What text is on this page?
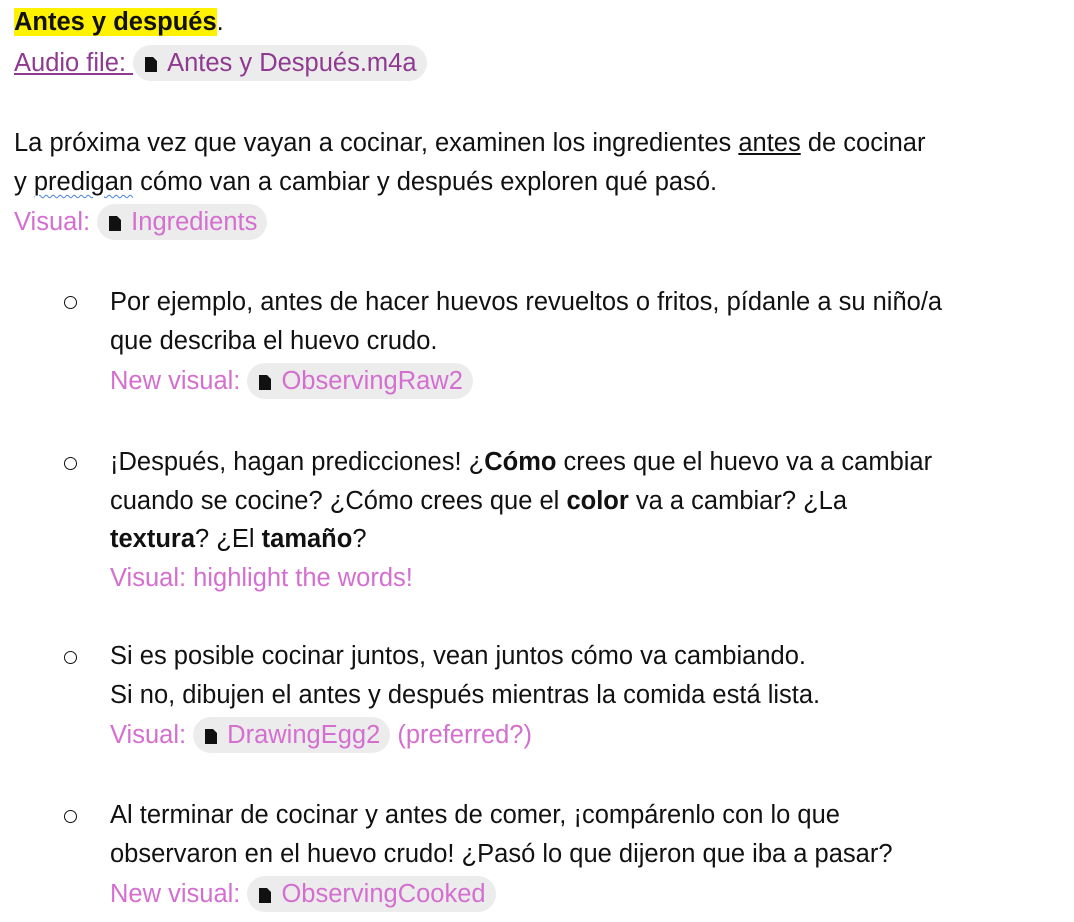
Antes y después.
Audio file:
Antes y Después.m4a
La próxima vez que vayan a cocinar, examinen los ingredientes antes de cocinar
y predigan cómo van a cambiar y después exploren qué pasó.
Visual:
Ingredients
Por ejemplo, antes de hacer huevos revueltos o fritos, pídanle a su niño/a
que describa el huevo crudo.
New visual:
ObservingRaw2
¡Después, hagan predicciones! ¿Cómo crees que el huevo va a cambiar
cuando se cocine? ¿Cómo crees que el color va a cambiar? ¿La
textura? ¿El tamaño?
Visual: highlight the words!
Si es posible cocinar juntos, vean juntos cómo va cambiando.
Si no, dibujen el antes y después mientras la comida está lista.
Visual:
DrawingEgg2 (preferred?)
Al terminar de cocinar y antes de comer, ¡compárenlo con lo que
observaron en el huevo crudo! ¿Pasó lo que dijeron que iba a pasar?
New visual:
ObservingCooked
